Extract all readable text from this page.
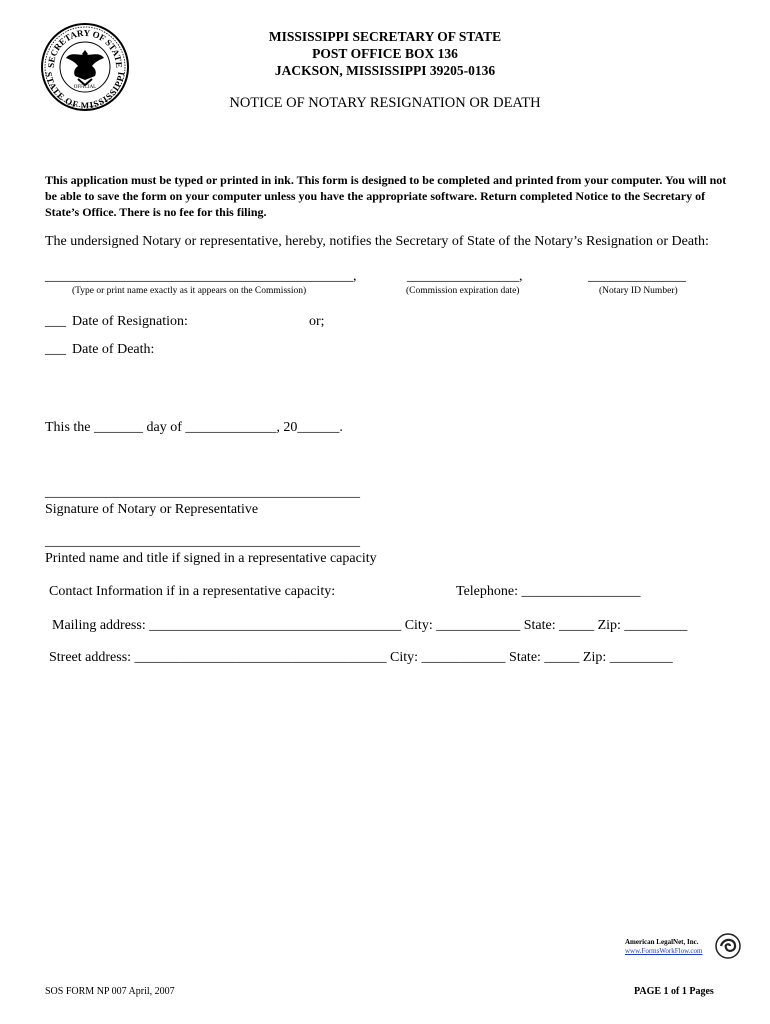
SECRETARY OF STATE
STATE OF MISSISSIPPI
OFFICIAL
MISSISSIPPI SECRETARY OF STATE
POST OFFICE BOX 136
JACKSON, MISSISSIPPI 39205-0136
NOTICE OF NOTARY RESIGNATION OR DEATH
This application must be typed or printed in ink. This form is designed to be completed and printed from your computer. You will not be able to save the form on your computer unless you have the appropriate software. Return completed Notice to the Secretary of State’s Office. There is no fee for this filing.
The undersigned Notary or representative, hereby, notifies the Secretary of State of the Notary’s Resignation or Death:
____________________________________________,
(Type or print name exactly as it appears on the Commission)
________________,
(Commission expiration date)
______________
(Notary ID Number)
___ Date of Resignation:	or;
___ Date of Death:
This the _______ day of _____________, 20______.
_____________________________________________
Signature of Notary or Representative
_____________________________________________
Printed name and title if signed in a representative capacity
Contact Information if in a representative capacity:	Telephone: _________________
Mailing address: ____________________________________ City: ____________ State: _____ Zip: _________
Street address: ____________________________________ City: ____________ State: _____ Zip: _________
American LegalNet, Inc.
www.FormsWorkFlow.com
SOS FORM NP 007 April, 2007	PAGE 1 of 1 Pages
